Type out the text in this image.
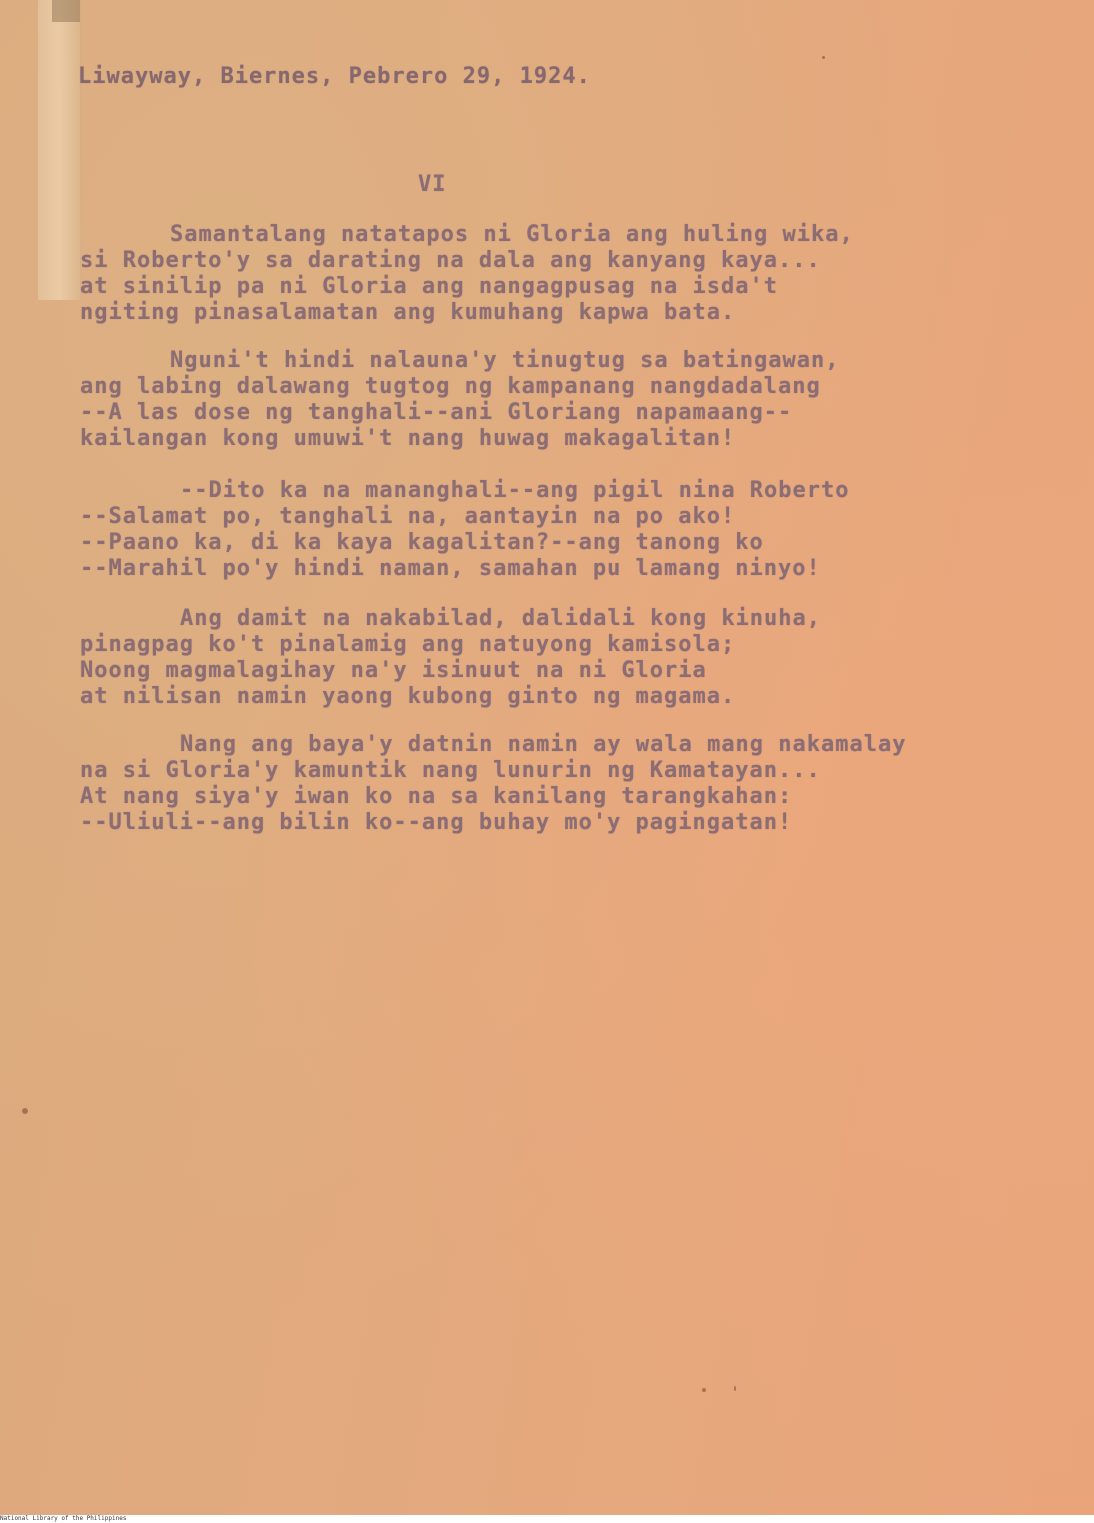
Liwayway, Biernes, Pebrero 29, 1924.
VI
Samantalang natatapos ni Gloria ang huling wika,
si Roberto'y sa darating na dala ang kanyang kaya...
at sinilip pa ni Gloria ang nangagpusag na isda't
ngiting pinasalamatan ang kumuhang kapwa bata.
Nguni't hindi nalauna'y tinugtug sa batingawan,
ang labing dalawang tugtog ng kampanang nangdadalang
--A las dose ng tanghali--ani Gloriang napamaang--
kailangan kong umuwi't nang huwag makagalitan!
--Dito ka na mananghali--ang pigil nina Roberto
--Salamat po, tanghali na, aantayin na po ako!
--Paano ka, di ka kaya kagalitan?--ang tanong ko
--Marahil po'y hindi naman, samahan pu lamang ninyo!
Ang damit na nakabilad, dalidali kong kinuha,
pinagpag ko't pinalamig ang natuyong kamisola;
Noong magmalagihay na'y isinuut na ni Gloria
at nilisan namin yaong kubong ginto ng magama.
Nang ang baya'y datnin namin ay wala mang nakamalay
na si Gloria'y kamuntik nang lunurin ng Kamatayan...
At nang siya'y iwan ko na sa kanilang tarangkahan:
--Uliuli--ang bilin ko--ang buhay mo'y pagingatan!
National Library of the Philippines
